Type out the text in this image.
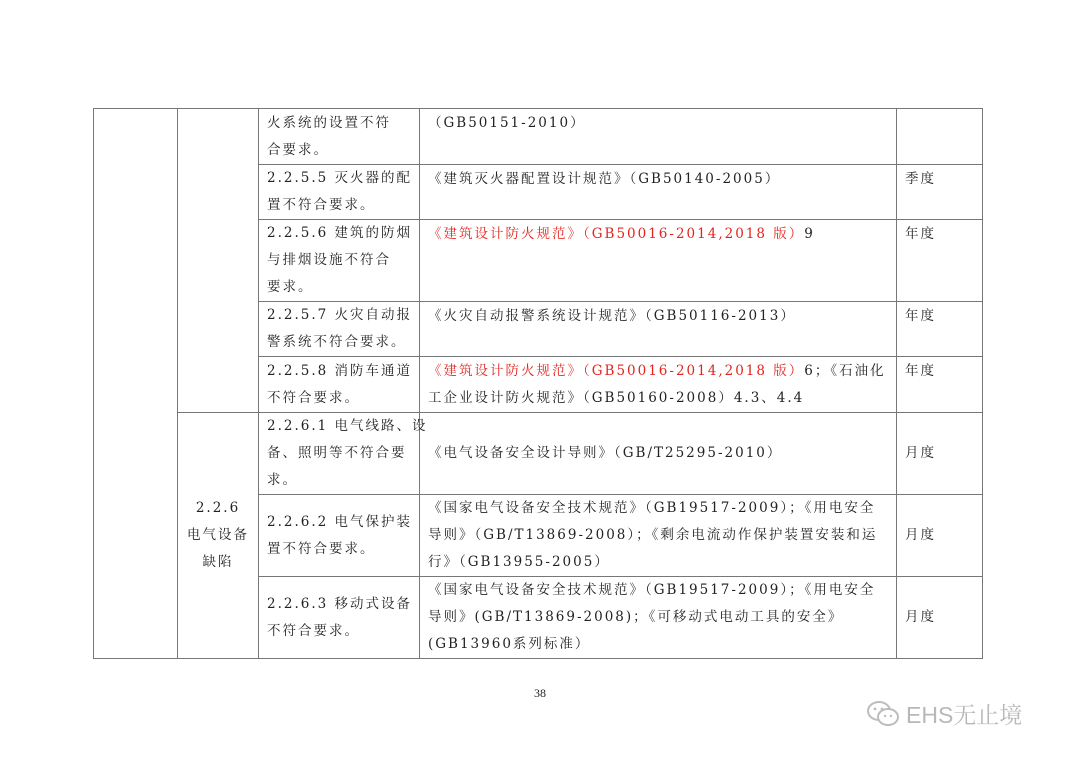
		火系统的设置不符
合要求。	（GB50151-2010）	

		2.2.5.5 灭火器的配
置不符合要求。	《建筑灭火器配置设计规范》（GB50140-2005）	季度

		2.2.5.6 建筑的防烟
与排烟设施不符合
要求。	《建筑设计防火规范》（GB50016-2014,2018 版）9	年度

		2.2.5.7 火灾自动报
警系统不符合要求。	《火灾自动报警系统设计规范》（GB50116-2013）	年度

		2.2.5.8 消防车通道
不符合要求。	《建筑设计防火规范》（GB50016-2014,2018 版）6；《石油化工企业设计防火规范》（GB50160-2008）4.3、4.4	年度
	2.2.6 电气设备缺陷	2.2.6.1 电气线路、设
备、照明等不符合要
求。	《电气设备安全设计导则》（GB/T25295-2010）	月度

		2.2.6.2 电气保护装
置不符合要求。	《国家电气设备安全技术规范》（GB19517-2009）；《用电安全导则》（GB/T13869-2008）；《剩余电流动作保护装置安装和运行》（GB13955-2005）	月度

		2.2.6.3 移动式设备
不符合要求。	《国家电气设备安全技术规范》（GB19517-2009）；《用电安全导则》(GB/T13869-2008)；《可移动式电动工具的安全》(GB13960系列标准）	月度
38
EHS无止境
